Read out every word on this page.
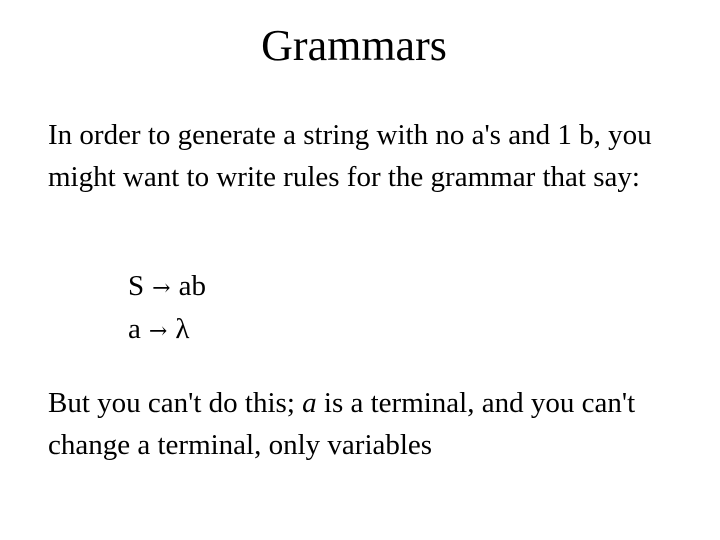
Grammars

In order to generate a string with no a's and 1 b, you might want to write rules for the grammar that say:

S → ab
a → λ

But you can't do this; a is a terminal, and you can't change a terminal, only variables
